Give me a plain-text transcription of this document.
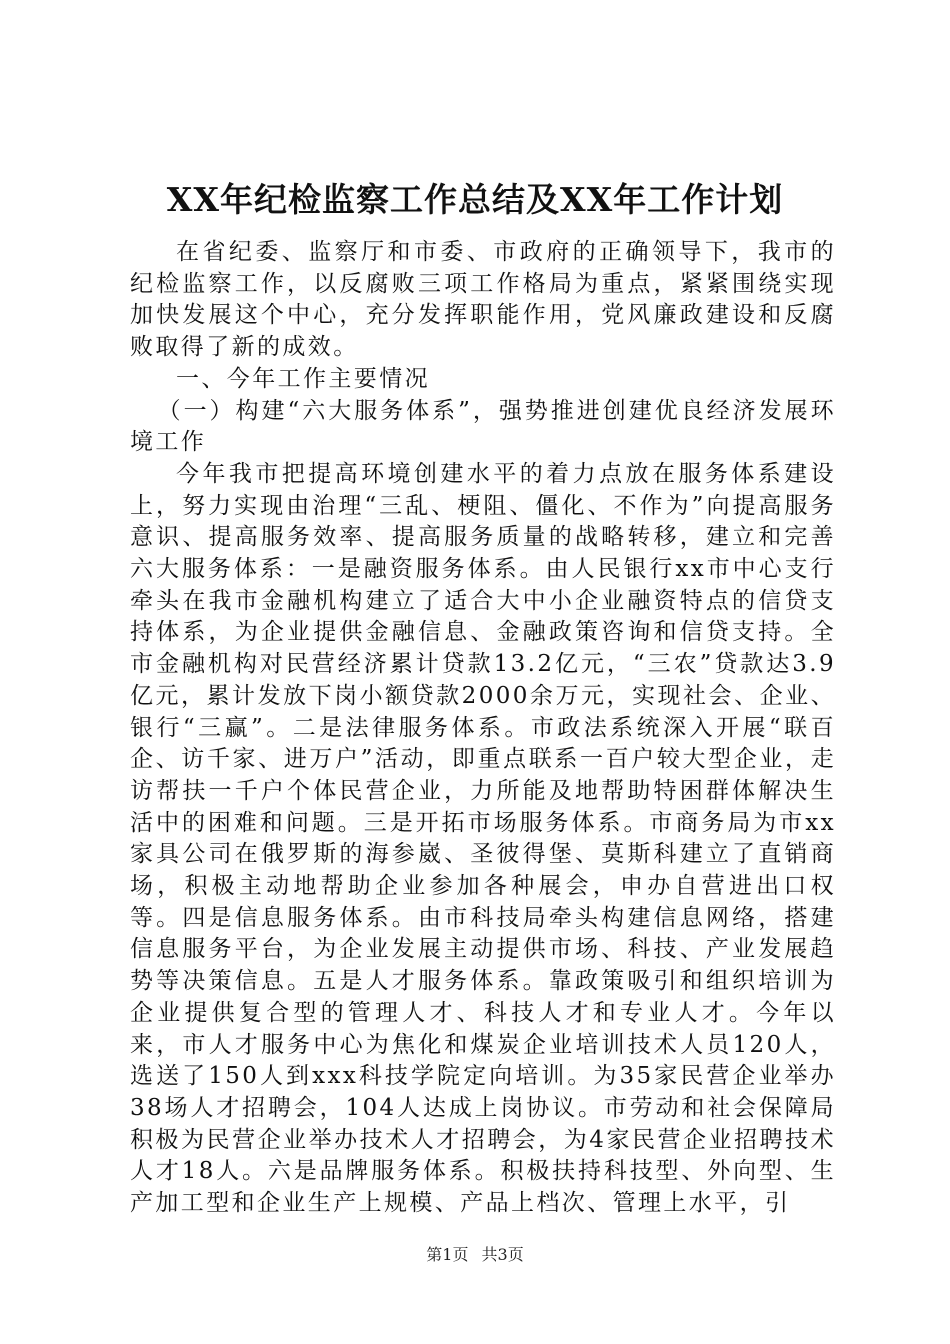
XX年纪检监察工作总结及XX年工作计划

在省纪委、监察厅和市委、市政府的正确领导下，我市的纪检监察工作，以反腐败三项工作格局为重点，紧紧围绕实现加快发展这个中心，充分发挥职能作用，党风廉政建设和反腐败取得了新的成效。

一、今年工作主要情况

（一）构建“六大服务体系”，强势推进创建优良经济发展环境工作

今年我市把提高环境创建水平的着力点放在服务体系建设上，努力实现由治理“三乱、梗阻、僵化、不作为”向提高服务意识、提高服务效率、提高服务质量的战略转移，建立和完善六大服务体系：一是融资服务体系。由人民银行xx市中心支行牵头在我市金融机构建立了适合大中小企业融资特点的信贷支持体系，为企业提供金融信息、金融政策咨询和信贷支持。全市金融机构对民营经济累计贷款13.2亿元，“三农”贷款达3.9亿元，累计发放下岗小额贷款2000余万元，实现社会、企业、银行“三赢”。二是法律服务体系。市政法系统深入开展“联百企、访千家、进万户”活动，即重点联系一百户较大型企业，走访帮扶一千户个体民营企业，力所能及地帮助特困群体解决生活中的困难和问题。三是开拓市场服务体系。市商务局为市xx家具公司在俄罗斯的海参崴、圣彼得堡、莫斯科建立了直销商场，积极主动地帮助企业参加各种展会，申办自营进出口权等。四是信息服务体系。由市科技局牵头构建信息网络，搭建信息服务平台，为企业发展主动提供市场、科技、产业发展趋势等决策信息。五是人才服务体系。靠政策吸引和组织培训为企业提供复合型的管理人才、科技人才和专业人才。今年以来，市人才服务中心为焦化和煤炭企业培训技术人员120人，选送了150人到xxx科技学院定向培训。为35家民营企业举办38场人才招聘会，104人达成上岗协议。市劳动和社会保障局积极为民营企业举办技术人才招聘会，为4家民营企业招聘技术人才18人。六是品牌服务体系。积极扶持科技型、外向型、生产加工型和企业生产上规模、产品上档次、管理上水平，引

第1页 共3页
